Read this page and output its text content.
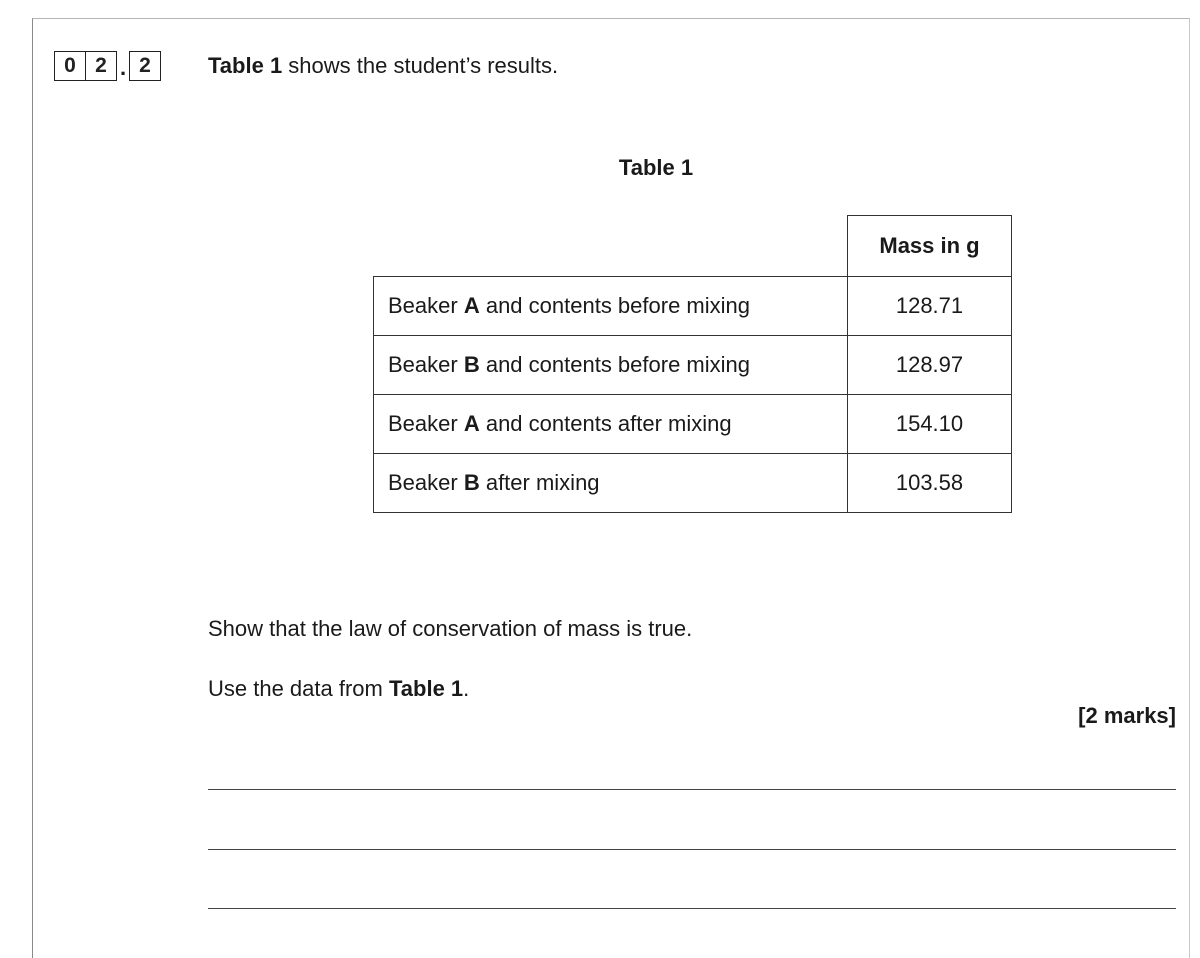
0 2 . 2	Table 1 shows the student’s results.
Table 1
	Mass in g
Beaker A and contents before mixing	128.71
Beaker B and contents before mixing	128.97
Beaker A and contents after mixing	154.10
Beaker B after mixing	103.58
Show that the law of conservation of mass is true.
Use the data from Table 1.
[2 marks]
